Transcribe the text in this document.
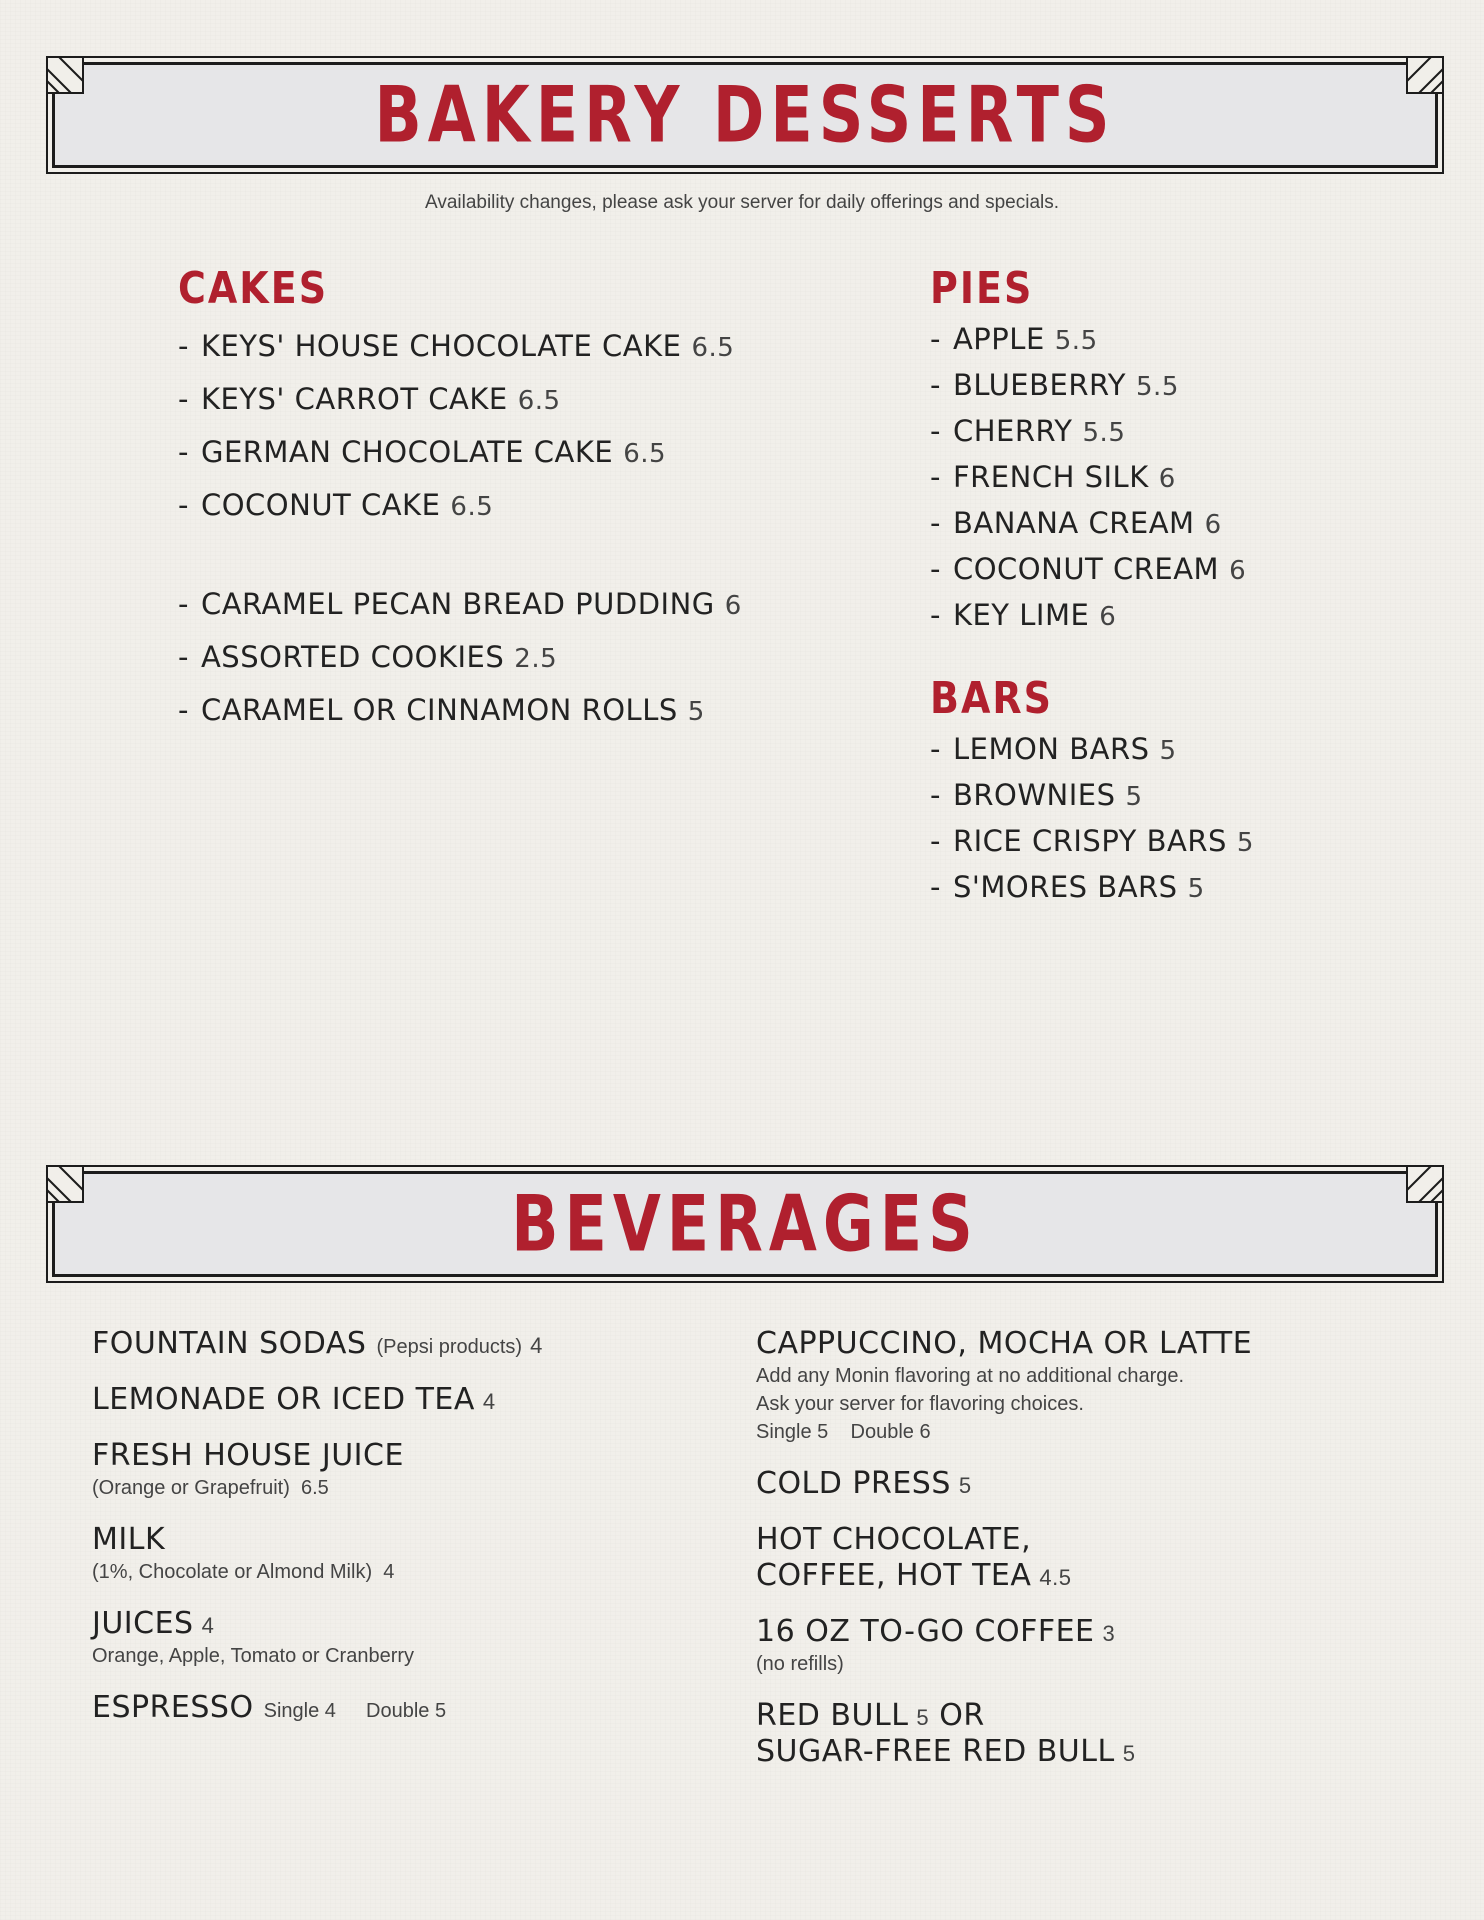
BAKERY DESSERTS
Availability changes, please ask your server for daily offerings and specials.
CAKES
- KEYS' HOUSE CHOCOLATE CAKE 6.5
- KEYS' CARROT CAKE 6.5
- GERMAN CHOCOLATE CAKE 6.5
- COCONUT CAKE 6.5
- CARAMEL PECAN BREAD PUDDING 6
- ASSORTED COOKIES 2.5
- CARAMEL OR CINNAMON ROLLS 5
PIES
- APPLE 5.5
- BLUEBERRY 5.5
- CHERRY 5.5
- FRENCH SILK 6
- BANANA CREAM 6
- COCONUT CREAM 6
- KEY LIME 6
BARS
- LEMON BARS 5
- BROWNIES 5
- RICE CRISPY BARS 5
- S'MORES BARS 5
BEVERAGES
FOUNTAIN SODAS (Pepsi products) 4
LEMONADE OR ICED TEA 4
FRESH HOUSE JUICE
(Orange or Grapefruit) 6.5
MILK
(1%, Chocolate or Almond Milk) 4
JUICES 4
Orange, Apple, Tomato or Cranberry
ESPRESSO Single 4 Double 5
CAPPUCCINO, MOCHA OR LATTE
Add any Monin flavoring at no additional charge.
Ask your server for flavoring choices.
Single 5 Double 6
COLD PRESS 5
HOT CHOCOLATE,
COFFEE, HOT TEA 4.5
16 OZ TO-GO COFFEE 3
(no refills)
RED BULL 5 OR
SUGAR-FREE RED BULL 5
